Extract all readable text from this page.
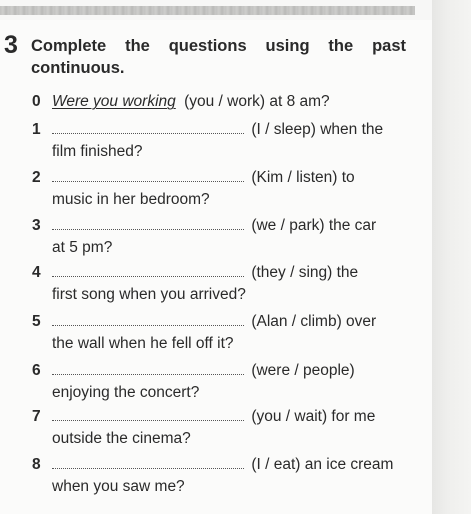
3 Complete the questions using the past continuous.
0 Were you working (you / work) at 8 am?
1	(I / sleep) when the
film finished?
2	(Kim / listen) to
music in her bedroom?
3	(we / park) the car
at 5 pm?
4	(they / sing) the
first song when you arrived?
5	(Alan / climb) over
the wall when he fell off it?
6	(were / people)
enjoying the concert?
7	(you / wait) for me
outside the cinema?
8	(I / eat) an ice cream
when you saw me?
